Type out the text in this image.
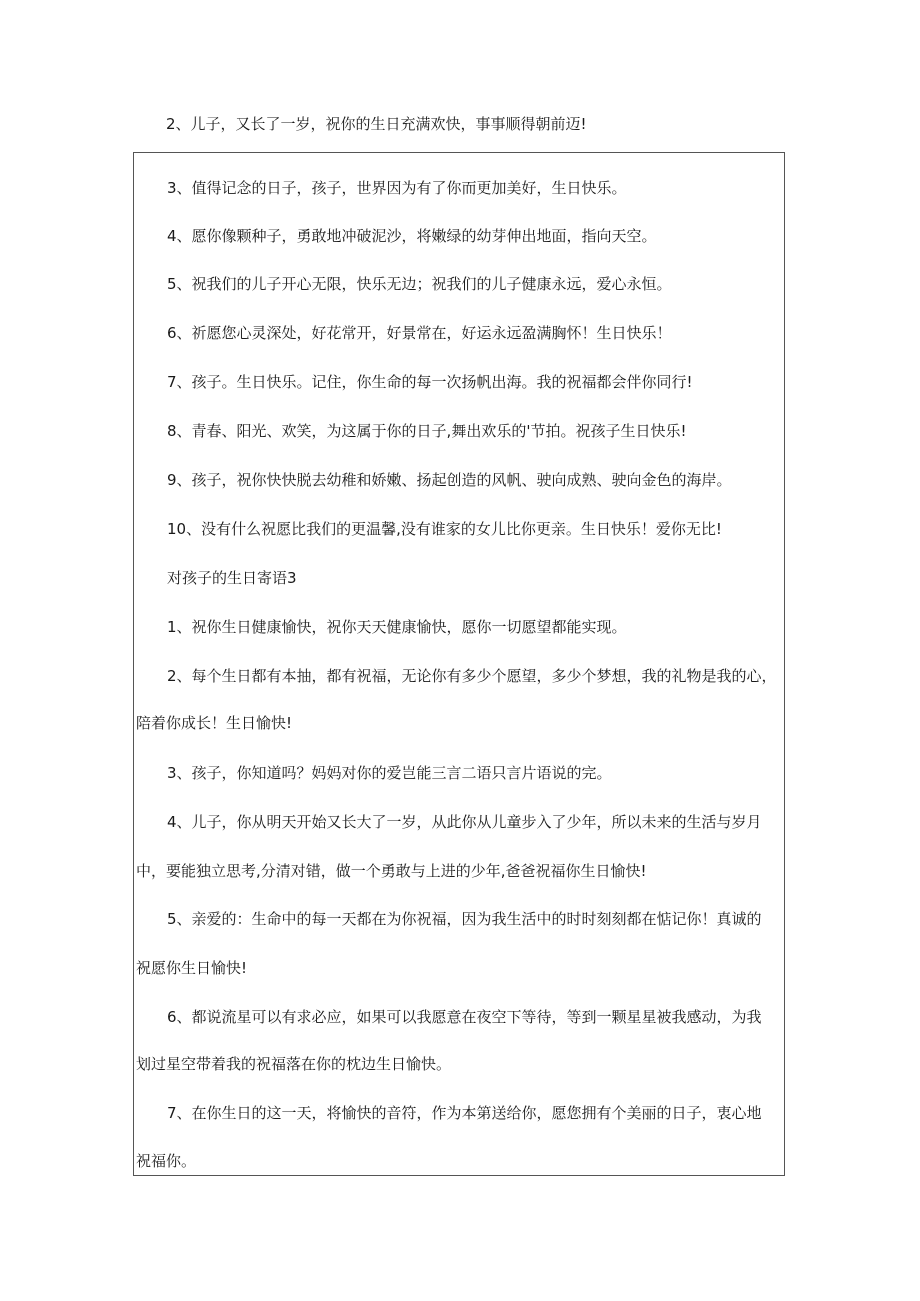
2、儿子，又长了一岁，祝你的生日充满欢快，事事顺得朝前迈!

3、值得记念的日子，孩子，世界因为有了你而更加美好，生日快乐。

4、愿你像颗种子，勇敢地冲破泥沙，将嫩绿的幼芽伸出地面，指向天空。

5、祝我们的儿子开心无限，快乐无边；祝我们的儿子健康永远，爱心永恒。

6、祈愿您心灵深处，好花常开，好景常在，好运永远盈满胸怀！生日快乐！

7、孩子。生日快乐。记住，你生命的每一次扬帆出海。我的祝福都会伴你同行!

8、青春、阳光、欢笑，为这属于你的日子,舞出欢乐的'节拍。祝孩子生日快乐!

9、孩子，祝你快快脱去幼稚和娇嫩、扬起创造的风帆、驶向成熟、驶向金色的海岸。

10、没有什么祝愿比我们的更温馨,没有谁家的女儿比你更亲。生日快乐！爱你无比!

对孩子的生日寄语3

1、祝你生日健康愉快，祝你天天健康愉快，愿你一切愿望都能实现。

2、每个生日都有本抽，都有祝福，无论你有多少个愿望，多少个梦想，我的礼物是我的心，

陪着你成长！生日愉快!

3、孩子，你知道吗？妈妈对你的爱岂能三言二语只言片语说的完。

4、儿子，你从明天开始又长大了一岁，从此你从儿童步入了少年，所以未来的生活与岁月

中，要能独立思考,分清对错，做一个勇敢与上进的少年,爸爸祝福你生日愉快!

5、亲爱的：生命中的每一天都在为你祝福，因为我生活中的时时刻刻都在惦记你！真诚的

祝愿你生日愉快!

6、都说流星可以有求必应，如果可以我愿意在夜空下等待，等到一颗星星被我感动，为我

划过星空带着我的祝福落在你的枕边生日愉快。

7、在你生日的这一天，将愉快的音符，作为本第送给你，愿您拥有个美丽的日子，衷心地

祝福你。
